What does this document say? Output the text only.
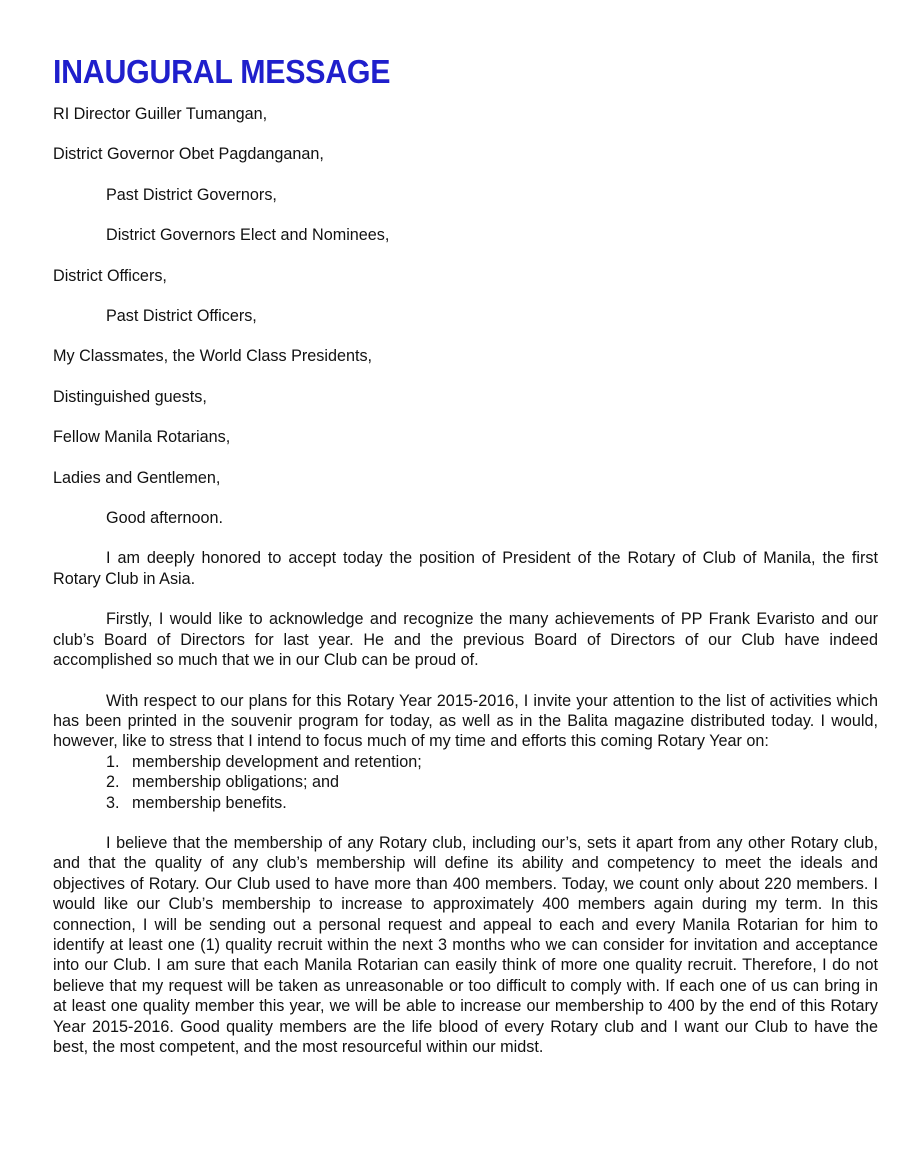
INAUGURAL MESSAGE
RI Director Guiller Tumangan,
District Governor Obet Pagdanganan,
Past District Governors,
District Governors Elect and Nominees,
District Officers,
Past District Officers,
My Classmates, the World Class Presidents,
Distinguished guests,
Fellow Manila Rotarians,
Ladies and Gentlemen,
Good afternoon.

I am deeply honored to accept today the position of President of the Rotary of Club of Manila, the first Rotary Club in Asia.

Firstly, I would like to acknowledge and recognize the many achievements of PP Frank Evaristo and our club’s Board of Directors for last year. He and the previous Board of Directors of our Club have indeed accomplished so much that we in our Club can be proud of.

With respect to our plans for this Rotary Year 2015-2016, I invite your attention to the list of activities which has been printed in the souvenir program for today, as well as in the Balita magazine distributed today. I would, however, like to stress that I intend to focus much of my time and efforts this coming Rotary Year on:

1. membership development and retention;
2. membership obligations; and
3. membership benefits.

I believe that the membership of any Rotary club, including our’s, sets it apart from any other Rotary club, and that the quality of any club’s membership will define its ability and competency to meet the ideals and objectives of Rotary. Our Club used to have more than 400 members. Today, we count only about 220 members. I would like our Club’s membership to increase to approximately 400 members again during my term. In this connection, I will be sending out a personal request and appeal to each and every Manila Rotarian for him to identify at least one (1) quality recruit within the next 3 months who we can consider for invitation and acceptance into our Club. I am sure that each Manila Rotarian can easily think of more one quality recruit. Therefore, I do not believe that my request will be taken as unreasonable or too difficult to comply with. If each one of us can bring in at least one quality member this year, we will be able to increase our membership to 400 by the end of this Rotary Year 2015-2016. Good quality members are the life blood of every Rotary club and I want our Club to have the best, the most competent, and the most resourceful within our midst.
